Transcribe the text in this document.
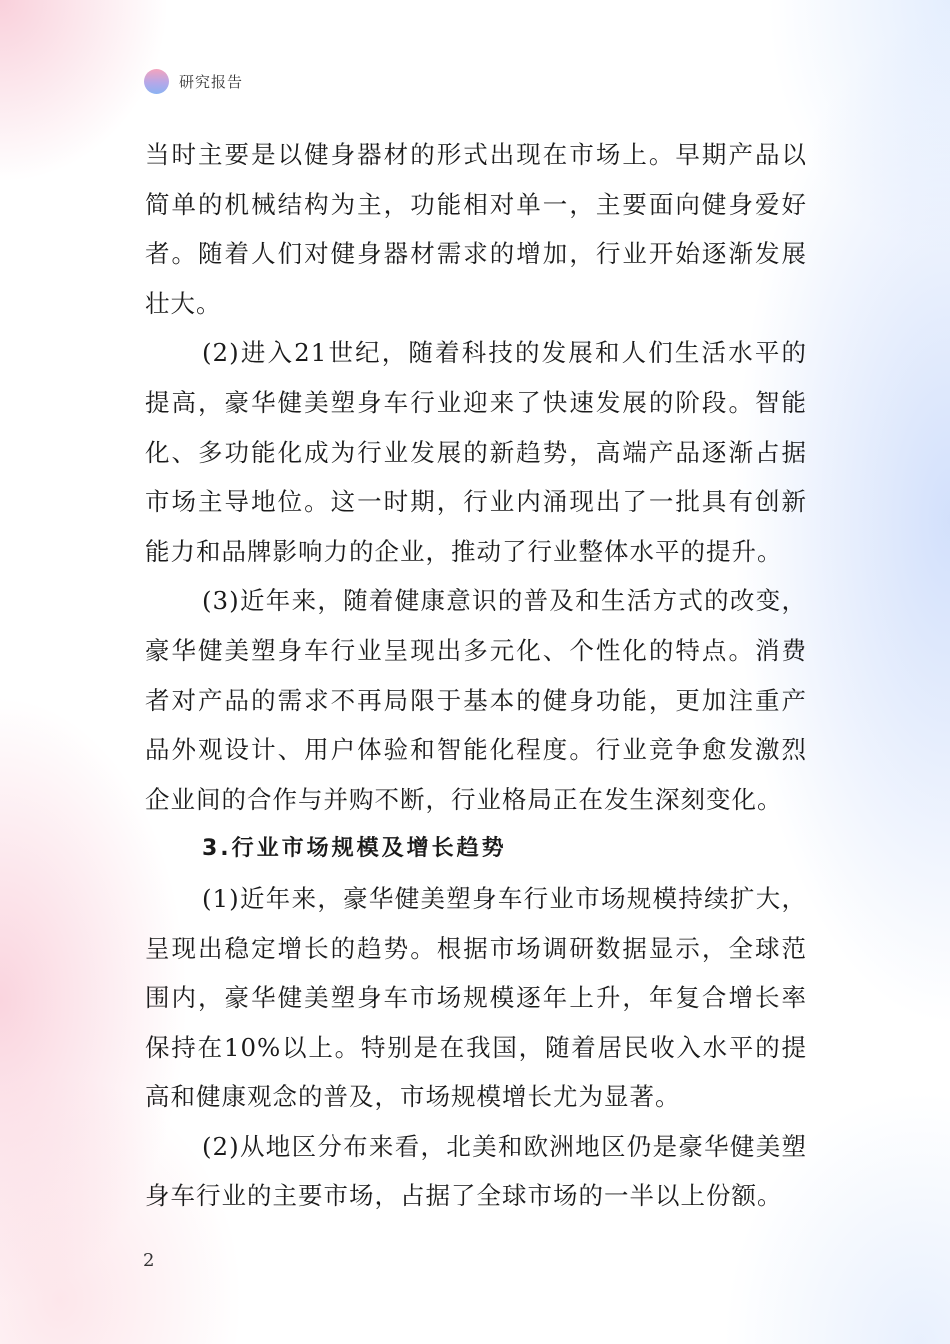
研究报告

当时主要是以健身器材的形式出现在市场上。早期产品以简单的机械结构为主，功能相对单一，主要面向健身爱好者。随着人们对健身器材需求的增加，行业开始逐渐发展壮大。

(2)进入21世纪，随着科技的发展和人们生活水平的提高，豪华健美塑身车行业迎来了快速发展的阶段。智能化、多功能化成为行业发展的新趋势，高端产品逐渐占据市场主导地位。这一时期，行业内涌现出了一批具有创新能力和品牌影响力的企业，推动了行业整体水平的提升。

(3)近年来，随着健康意识的普及和生活方式的改变，豪华健美塑身车行业呈现出多元化、个性化的特点。消费者对产品的需求不再局限于基本的健身功能，更加注重产品外观设计、用户体验和智能化程度。行业竞争愈发激烈企业间的合作与并购不断，行业格局正在发生深刻变化。

3.行业市场规模及增长趋势

(1)近年来，豪华健美塑身车行业市场规模持续扩大，呈现出稳定增长的趋势。根据市场调研数据显示，全球范围内，豪华健美塑身车市场规模逐年上升，年复合增长率保持在10%以上。特别是在我国，随着居民收入水平的提高和健康观念的普及，市场规模增长尤为显著。

(2)从地区分布来看，北美和欧洲地区仍是豪华健美塑身车行业的主要市场，占据了全球市场的一半以上份额。

2
